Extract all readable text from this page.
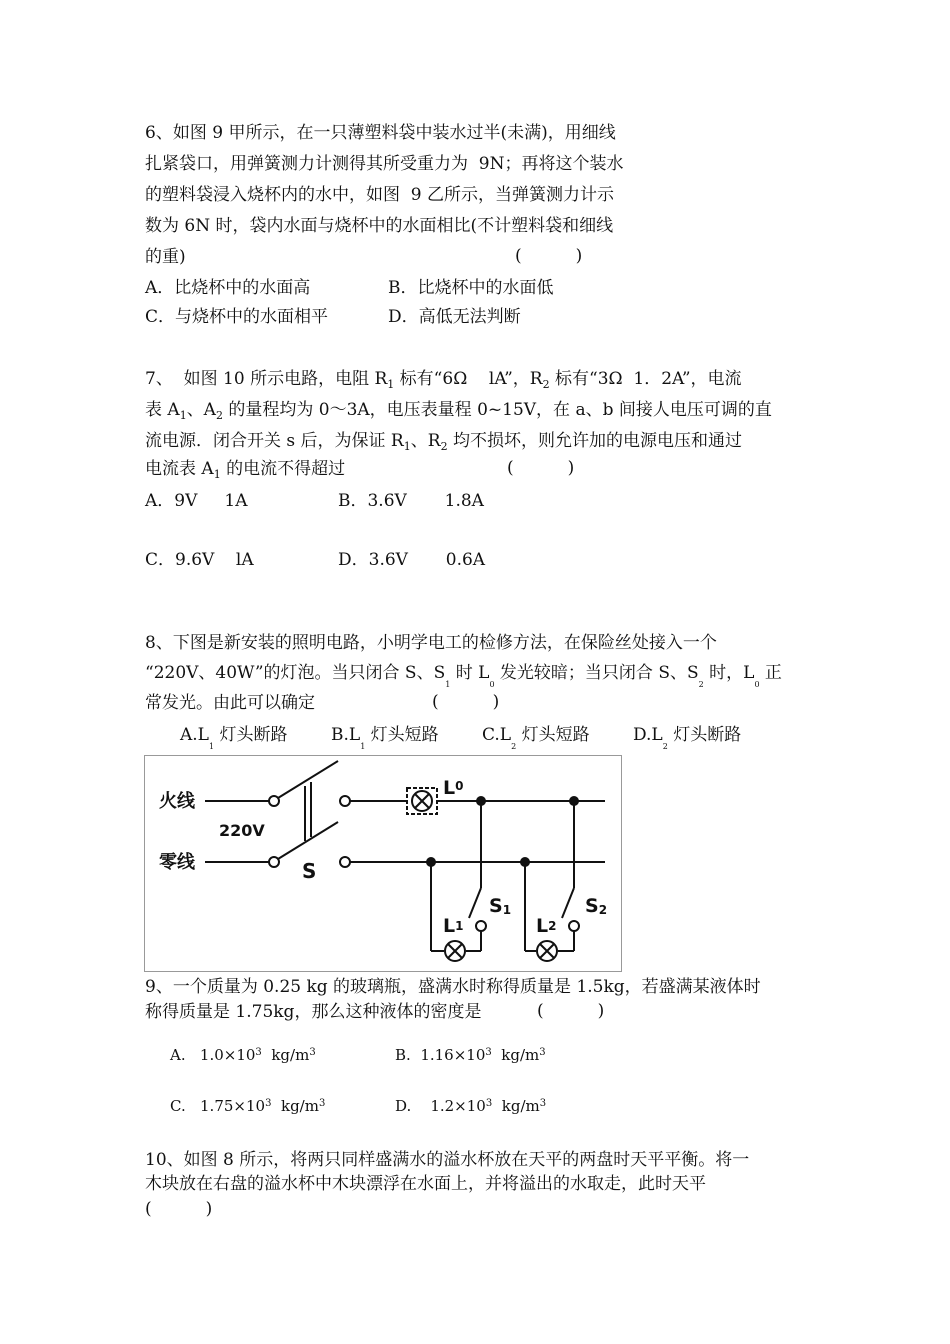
6、如图 9 甲所示，在一只薄塑料袋中装水过半(未满)，用细线
扎紧袋口，用弹簧测力计测得其所受重力为  9N；再将这个装水
的塑料袋浸入烧杯内的水中，如图  9 乙所示，当弹簧测力计示
数为 6N 时，袋内水面与烧杯中的水面相比(不计塑料袋和细线
的重)	(          )
A．比烧杯中的水面高	B．比烧杯中的水面低
C．与烧杯中的水面相平	D．高低无法判断
7、  如图 10 所示电路，电阻 $R_1$ 标有“6Ω    lA”，$R_2$ 标有“3Ω  1．2A”，电流
表 $A_1$、$A_2$ 的量程均为 0～3A，电压表量程 0~15V，在 a、b 间接人电压可调的直
流电源．闭合开关 s 后，为保证 $R_1$、$R_2$ 均不损坏，则允许加的电源电压和通过
电流表 $A_1$ 的电流不得超过	(          )
A．9V     1A	B．3.6V       1.8A
C．9.6V    lA	D．3.6V       0.6A
8、下图是新安装的照明电路，小明学电工的检修方法，在保险丝处接入一个
“220V、40W”的灯泡。当只闭合 S、$S_1$ 时 $L_0$ 发光较暗；当只闭合 S、$S_2$ 时，$L_0$ 正
常发光。由此可以确定	(          )
$A.L_1$ 灯头断路	$B.L_1$ 灯头短路	$C.L_2$ 灯头短路	$D.L_2$ 灯头断路
火线
零线
220V
S
$L^0$
S1	S2
L1	L2
9、一个质量为 0.25 kg 的玻璃瓶，盛满水时称得质量是 1.5kg，若盛满某液体时
称得质量是 1.75kg，那么这种液体的密度是	(          )
A.   $1.0\times 10^3$  $kg/m^3$	B.  $1.16\times 10^3$  $kg/m^3$
C.   $1.75\times 10^3$  $kg/m^3$	D.    $1.2\times 10^3$  $kg/m^3$
10、如图 8 所示，将两只同样盛满水的溢水杯放在天平的两盘时天平平衡。将一
木块放在右盘的溢水杯中木块漂浮在水面上，并将溢出的水取走，此时天平
(          )
